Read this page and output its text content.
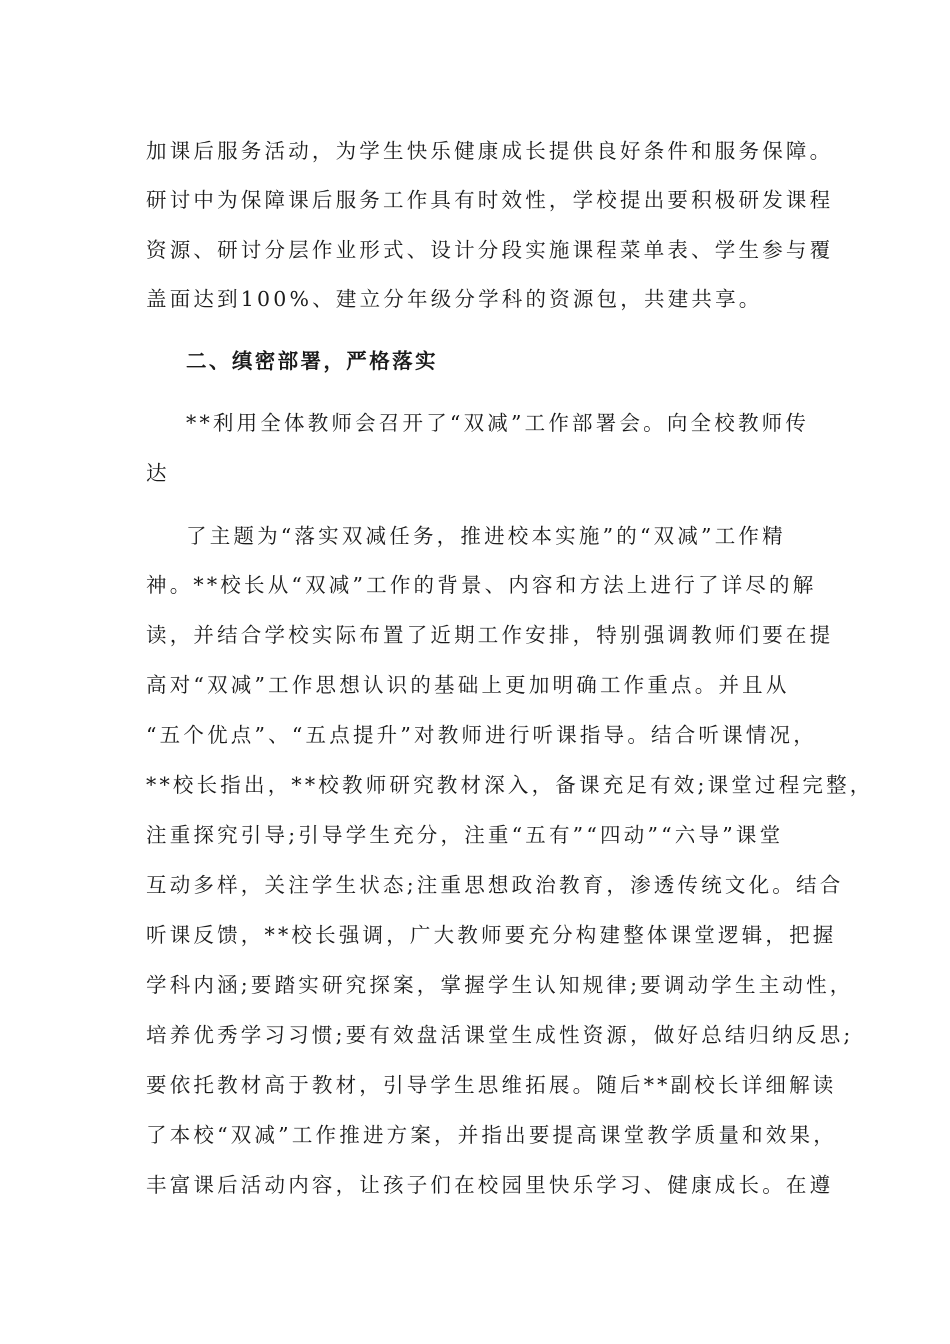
加课后服务活动，为学生快乐健康成长提供良好条件和服务保障。
研讨中为保障课后服务工作具有时效性，学校提出要积极研发课程
资源、研讨分层作业形式、设计分段实施课程菜单表、学生参与覆
盖面达到100%、建立分年级分学科的资源包，共建共享。
二、缜密部署，严格落实
**利用全体教师会召开了“双减”工作部署会。向全校教师传
达
了主题为“落实双减任务，推进校本实施”的“双减”工作精
神。**校长从“双减”工作的背景、内容和方法上进行了详尽的解
读，并结合学校实际布置了近期工作安排，特别强调教师们要在提
高对“双减”工作思想认识的基础上更加明确工作重点。并且从
“五个优点”、“五点提升”对教师进行听课指导。结合听课情况，
**校长指出，**校教师研究教材深入，备课充足有效;课堂过程完整，
注重探究引导;引导学生充分，注重“五有”“四动”“六导”课堂
互动多样，关注学生状态;注重思想政治教育，渗透传统文化。结合
听课反馈，**校长强调，广大教师要充分构建整体课堂逻辑，把握
学科内涵;要踏实研究探案，掌握学生认知规律;要调动学生主动性，
培养优秀学习习惯;要有效盘活课堂生成性资源，做好总结归纳反思;
要依托教材高于教材，引导学生思维拓展。随后**副校长详细解读
了本校“双减”工作推进方案，并指出要提高课堂教学质量和效果，
丰富课后活动内容，让孩子们在校园里快乐学习、健康成长。在遵
